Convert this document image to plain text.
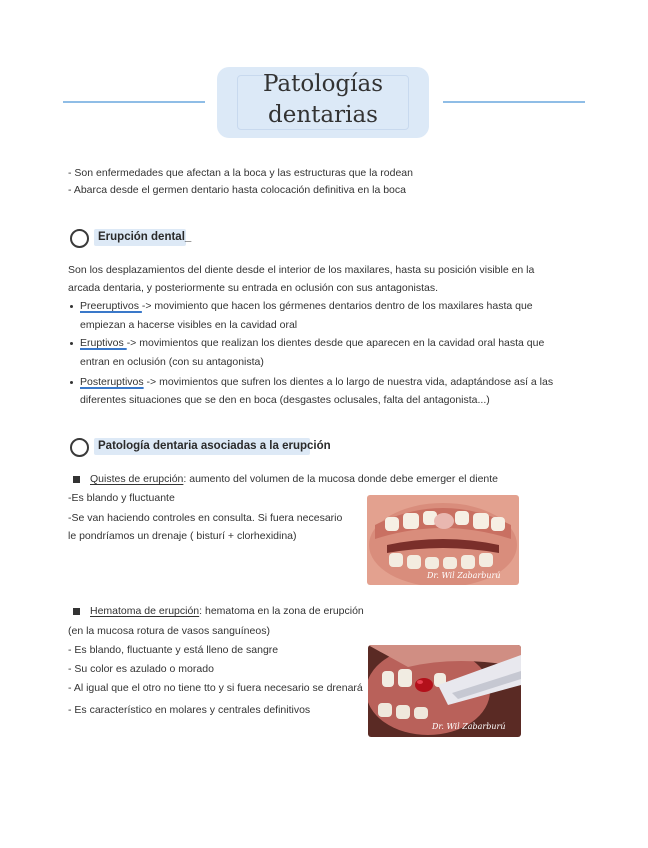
Patologías
dentarias
- Son enfermedades que afectan a la boca y las estructuras que la rodean
- Abarca desde el germen dentario hasta colocación definitiva en la boca
Erupción dental_
Son los desplazamientos del diente desde el interior de los maxilares, hasta su posición visible en la
arcada dentaria, y posteriormente su entrada en oclusión con sus antagonistas.
Preeruptivos -> movimiento que hacen los gérmenes dentarios dentro de los maxilares hasta que
empiezan a hacerse visibles en la cavidad oral
Eruptivos -> movimientos que realizan los dientes desde que aparecen en la cavidad oral hasta que
entran en oclusión (con su antagonista)
Posteruptivos -> movimientos que sufren los dientes a lo largo de nuestra vida, adaptándose así a las
diferentes situaciones que se den en boca (desgastes oclusales, falta del antagonista...)
Patología dentaria asociadas a la erupción
Quistes de erupción: aumento del volumen de la mucosa donde debe emerger el diente
-Es blando y fluctuante
-Se van haciendo controles en consulta. Si fuera necesario
le pondríamos un drenaje ( bisturí + clorhexidina)
Dr. Wil Zabarburú
Hematoma de erupción: hematoma en la zona de erupción
(en la mucosa rotura de vasos sanguíneos)
- Es blando, fluctuante y está lleno de sangre
- Su color es azulado o morado
- Al igual que el otro no tiene tto y si fuera necesario se drenará
- Es característico en molares y centrales definitivos
Dr. Wil Zabarburú
